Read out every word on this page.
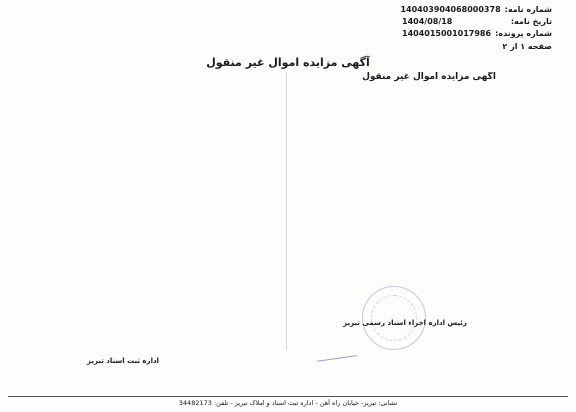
شماره نامه:
140403904068000378
تاریخ نامه:
1404/08/18
شماره پرونده:
1404015001017986
صفحه ۱ از ۲
آگهی مزایده اموال غیر منقول
آگهی مزایده اموال غیر منقول
رئیس اداره اجراء اسناد رسمی تبریز
اداره ثبت اسناد تبریز
نشانی: تبریز- خیابان راه آهن - اداره ثبت اسناد و املاک تبریز - تلفن: 34482173
